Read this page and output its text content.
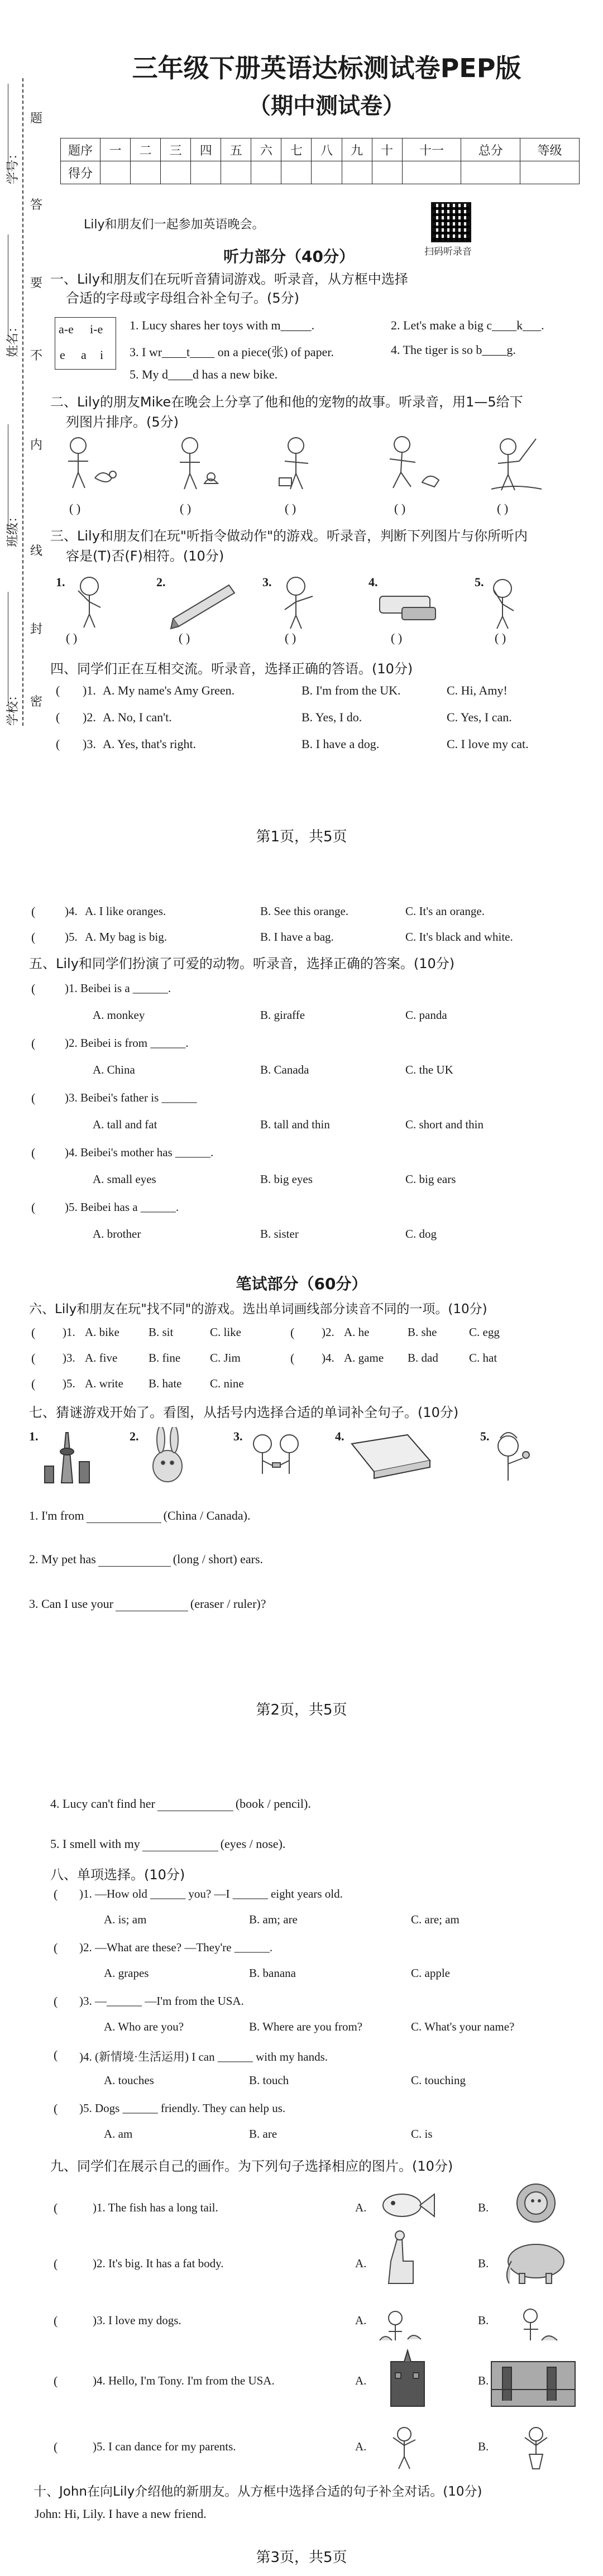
题
答
要
不
内
线
封
密
学号：
姓名：
班级：
学校：
三年级下册英语达标测试卷PEP版
（期中测试卷）
题序	一	二	三	四	五	六	七	八	九	十	十一	总分	等级
得分													
Lily和朋友们一起参加英语晚会。
扫码听录音
听力部分（40分）
一、Lily和朋友们在玩听音猜词游戏。听录音，从方框中选择
合适的字母或字母组合补全句子。(5分)
a-e i-e
e a i
1. Lucy shares her toys with m_____.	2. Let's make a big c____k___.
3. I wr____t____ on a piece(张) of paper.	4. The tiger is so b____g.
5. My d____d has a new bike.
二、Lily的朋友Mike在晚会上分享了他和他的宠物的故事。听录音，用1—5给下
列图片排序。(5分)
( )	( )	( )	( )	( )
三、Lily和朋友们在玩"听指令做动作"的游戏。听录音，判断下列图片与你所听内
容是(T)否(F)相符。(10分)
1.	2.	3.	4.	5.
( )	( )	( )	( )	( )
四、同学们正在互相交流。听录音，选择正确的答语。(10分)
( )1. A. My name's Amy Green.	B. I'm from the UK.	C. Hi, Amy!
( )2. A. No, I can't.	B. Yes, I do.	C. Yes, I can.
( )3. A. Yes, that's right.	B. I have a dog.	C. I love my cat.
第1页，共5页
(	)4. A. I like oranges.	B. See this orange.	C. It's an orange.
(	)5. A. My bag is big.	B. I have a bag.	C. It's black and white.
五、Lily和同学们扮演了可爱的动物。听录音，选择正确的答案。(10分)
(	)1. Beibei is a ______.
A. monkey	B. giraffe	C. panda
(	)2. Beibei is from ______.
A. China	B. Canada	C. the UK
(	)3. Beibei's father is ______
A. tall and fat	B. tall and thin	C. short and thin
(	)4. Beibei's mother has ______.
A. small eyes	B. big eyes	C. big ears
(	)5. Beibei has a ______.
A. brother	B. sister	C. dog
笔试部分（60分）
六、Lily和朋友在玩"找不同"的游戏。选出单词画线部分读音不同的一项。(10分)
( )1. A. bike B. sit	C. like	( )2. A. he	B. she	C. egg
( )3. A. five	B. fine	C. Jim	( )4. A. game B. dad	C. hat
( )5. A. write B. hate C. nine
七、猜谜游戏开始了。看图，从括号内选择合适的单词补全句子。(10分)
1.	2.	3.	4.	5.
1. I'm from	(China / Canada).
2. My pet has	(long / short) ears.
3. Can I use your	(eraser / ruler)?
第2页，共5页
4. Lucy can't find her	(book / pencil).
5. I smell with my	(eyes / nose).
八、单项选择。(10分)
( )1. —How old ______ you? —I ______ eight years old.
A. is; am	B. am; are	C. are; am
( )2. —What are these? —They're ______.
A. grapes	B. banana	C. apple
( )3. —______ —I'm from the USA.
A. Who are you?	B. Where are you from?	C. What's your name?
( )4. (新情境·生活运用) I can ______ with my hands.
A. touches	B. touch	C. touching
( )5. Dogs ______ friendly. They can help us.
A. am	B. are	C. is
九、同学们在展示自己的画作。为下列句子选择相应的图片。(10分)
(	)1. The fish has a long tail.	A.	B.
(	)2. It's big. It has a fat body.	A.	B.
(	)3. I love my dogs.	A.	B.
(	)4. Hello, I'm Tony. I'm from the USA.	A.	B.
(	)5. I can dance for my parents.	A.	B.
十、John在向Lily介绍他的新朋友。从方框中选择合适的句子补全对话。(10分)
John: Hi, Lily. I have a new friend.
第3页，共5页
